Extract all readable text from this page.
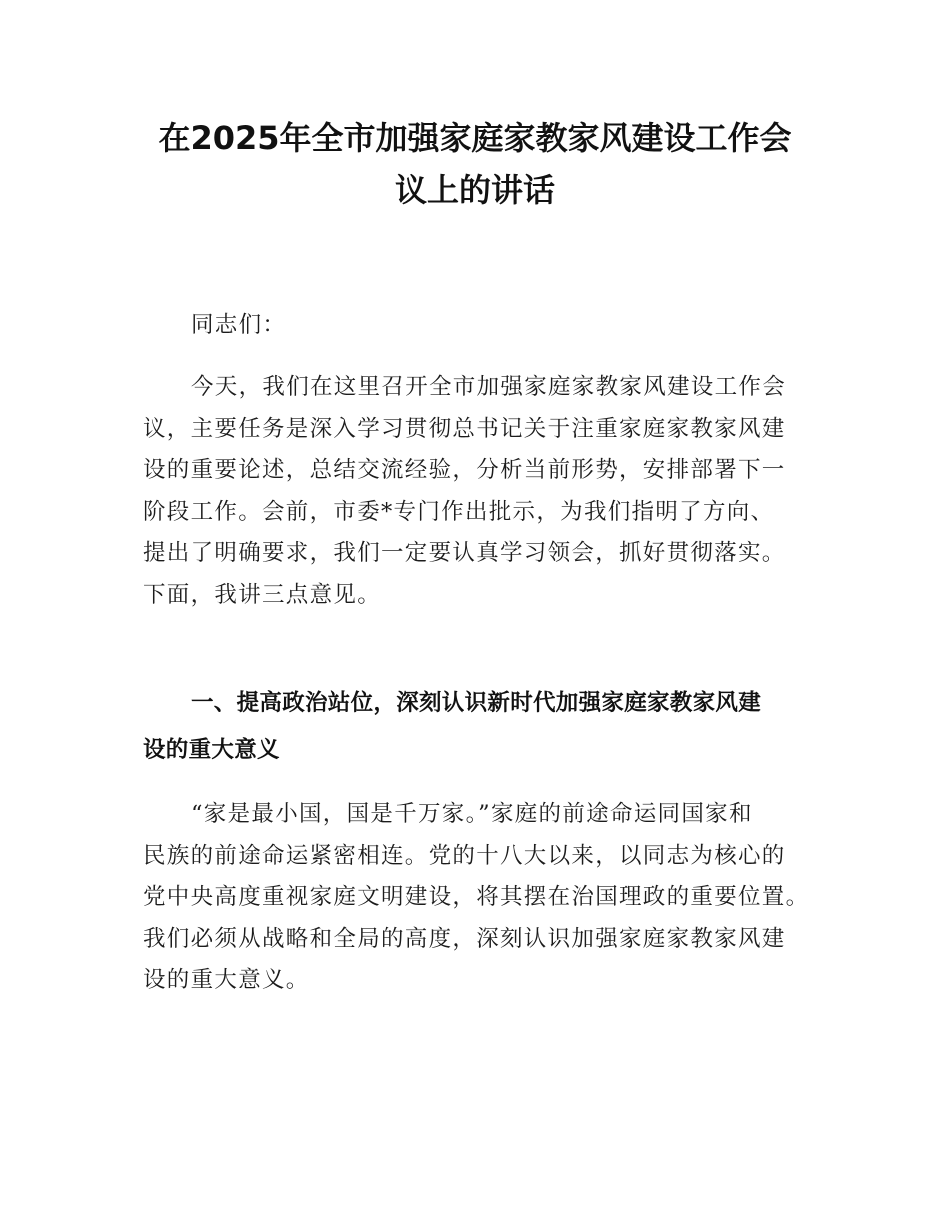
在2025年全市加强家庭家教家风建设工作会
议上的讲话
同志们：
今天，我们在这里召开全市加强家庭家教家风建设工作会
议，主要任务是深入学习贯彻总书记关于注重家庭家教家风建
设的重要论述，总结交流经验，分析当前形势，安排部署下一
阶段工作。会前，市委*专门作出批示，为我们指明了方向、
提出了明确要求，我们一定要认真学习领会，抓好贯彻落实。
下面，我讲三点意见。
一、提高政治站位，深刻认识新时代加强家庭家教家风建
设的重大意义
“家是最小国，国是千万家。”家庭的前途命运同国家和
民族的前途命运紧密相连。党的十八大以来，以同志为核心的
党中央高度重视家庭文明建设，将其摆在治国理政的重要位置。
我们必须从战略和全局的高度，深刻认识加强家庭家教家风建
设的重大意义。
